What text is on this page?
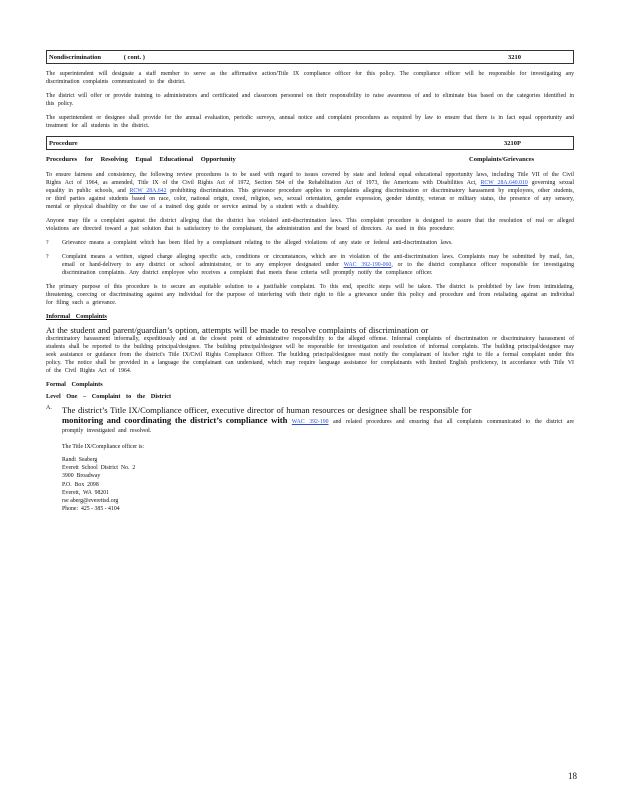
Nondiscrimination	( cont. )	3210

The superintendent will designate a staff member to serve as the affirmative action/Title IX compliance officer for this policy. The compliance officer will be responsible for investigating any discrimination complaints communicated to the district.

The district will offer or provide training to administrators and certificated and classroom personnel on their responsibility to raise awareness of and to eliminate bias based on the categories identified in this policy.

The superintendent or designee shall provide for the annual evaluation, periodic surveys, annual notice and complaint procedures as required by law to ensure that there is in fact equal opportunity and treatment for all students in the district.

Procedure	3210P
Procedures for Resolving Equal Educational Opportunity	Complaints/Grievances

To ensure fairness and consistency, the following review procedures is to be used with regard to issues covered by state and federal equal educational opportunity laws, including Title VII of the Civil Rights Act of 1964, as amended, Title IX of the Civil Rights Act of 1972, Section 504 of the Rehabilitation Act of 1973, the Americans with Disabilities Act, RCW 28A.640.010 governing sexual equality in public schools, and RCW 28A.642 prohibiting discrimination. This grievance procedure applies to complaints alleging discrimination or discriminatory harassment by employees, other students, or third parties against students based on race, color, national origin, creed, religion, sex, sexual orientation, gender expression, gender identity, veteran or military status, the presence of any sensory, mental or physical disability or the use of a trained dog guide or service animal by a student with a disability.

Anyone may file a complaint against the district alleging that the district has violated anti-discrimination laws. This complaint procedure is designed to assure that the resolution of real or alleged violations are directed toward a just solution that is satisfactory to the complainant, the administration and the board of directors. As used in this procedure:

?	Grievance means a complaint which has been filed by a complainant relating to the alleged violations of any state or federal anti-discrimination laws.
?	Complaint means a written, signed charge alleging specific acts, conditions or circumstances, which are in violation of the anti-discrimination laws. Complaints may be submitted by mail, fax, email or hand-delivery to any district or school administrator, or to any employee designated under WAC 392-190-060, or to the district compliance officer responsible for investigating discrimination complaints. Any district employee who receives a complaint that meets these criteria will promptly notify the compliance officer.

The primary purpose of this procedure is to secure an equitable solution to a justifiable complaint. To this end, specific steps will be taken. The district is prohibited by law from intimidating, threatening, coercing or discriminating against any individual for the purpose of interfering with their right to file a grievance under this policy and procedure and from retaliating against an individual for filing such a grievance.

Informal Complaints
At the student and parent/guardian’s option, attempts will be made to resolve complaints of discrimination or
discriminatory harassment informally, expeditiously and at the closest point of administrative responsibility to the alleged offense. Informal complaints of discrimination or discriminatory harassment of students shall be reported to the building principal/designee. The building principal/designee will be responsible for investigation and resolution of informal complaints. The building principal/designee may seek assistance or guidance from the district's Title IX/Civil Rights Compliance Officer. The building principal/designee must notify the complainant of his/her right to file a formal complaint under this policy. The notice shall be provided in a language the complainant can understand, which may require language assistance for complainants with limited English proficiency, in accordance with Title VI of the Civil Rights Act of 1964.
Formal Complaints
Level One – Complaint to the District
A.	The district’s Title IX/Compliance officer, executive director of human resources or designee shall be responsible for
monitoring and coordinating the district’s compliance with WAC 392-190 and related procedures and ensuring that all complaints communicated to the district are promptly investigated and resolved.
The Title IX/Compliance officer is:
Randi  Seaberg
Everett  School  District  No.  2
3900  Broadway
P.O.  Box  2098
Everett,  WA  98201
rse aberg@everettsd.org
Phone:  425 - 385 - 4104
18
